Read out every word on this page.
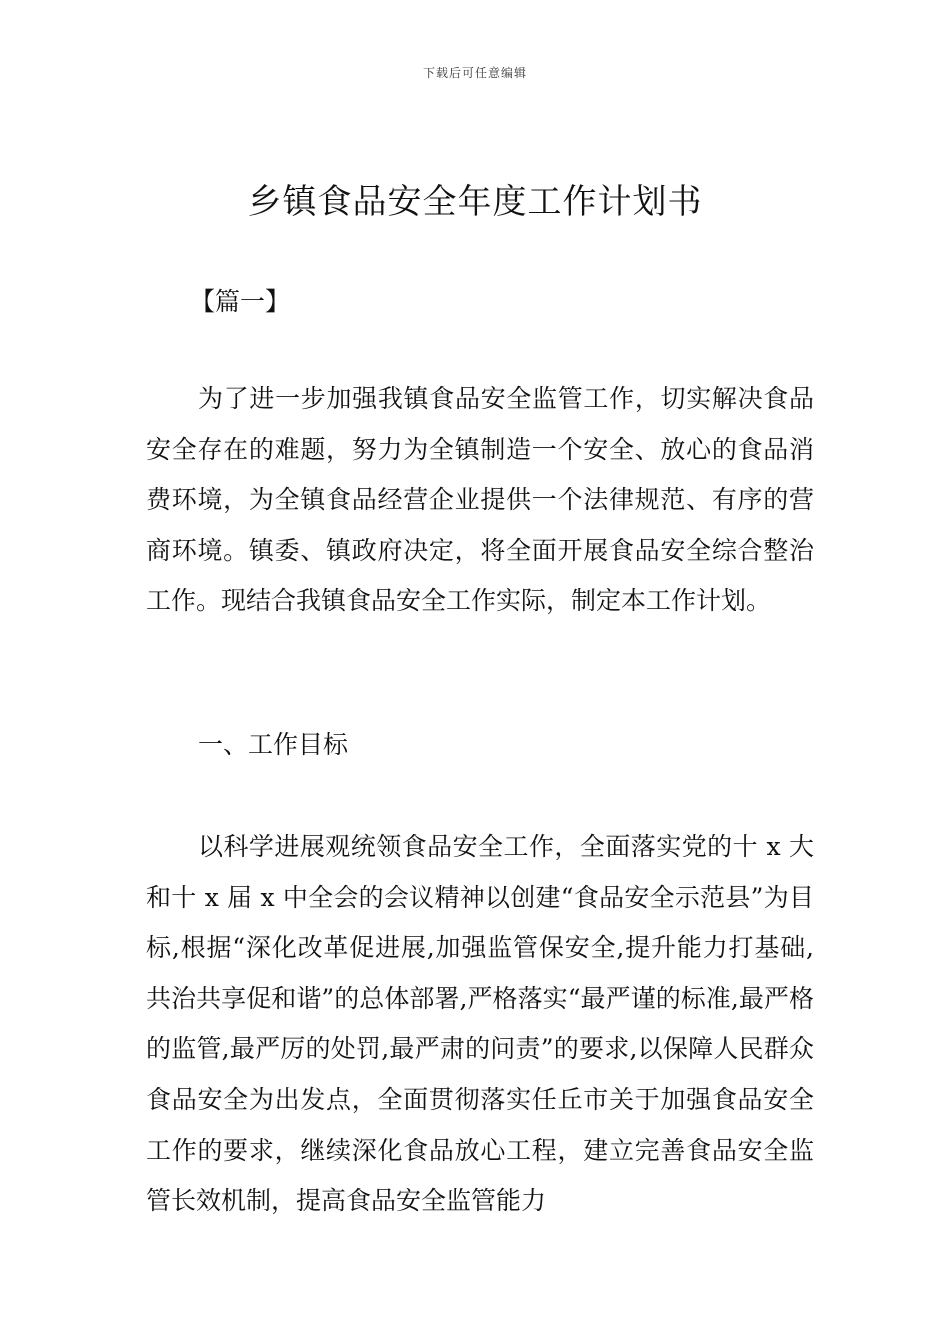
下载后可任意编辑
乡镇食品安全年度工作计划书
【篇一】

为了进一步加强我镇食品安全监管工作，切实解决食品安全存在的难题，努力为全镇制造一个安全、放心的食品消费环境，为全镇食品经营企业提供一个法律规范、有序的营商环境。镇委、镇政府决定，将全面开展食品安全综合整治工作。现结合我镇食品安全工作实际，制定本工作计划。

一、工作目标

以科学进展观统领食品安全工作，全面落实党的十 x 大和十 x 届 x 中全会的会议精神以创建“食品安全示范县”为目标,根据“深化改革促进展,加强监管保安全,提升能力打基础,共治共享促和谐”的总体部署,严格落实“最严谨的标准,最严格的监管,最严厉的处罚,最严肃的问责”的要求,以保障人民群众食品安全为出发点，全面贯彻落实任丘市关于加强食品安全工作的要求，继续深化食品放心工程，建立完善食品安全监管长效机制，提高食品安全监管能力
